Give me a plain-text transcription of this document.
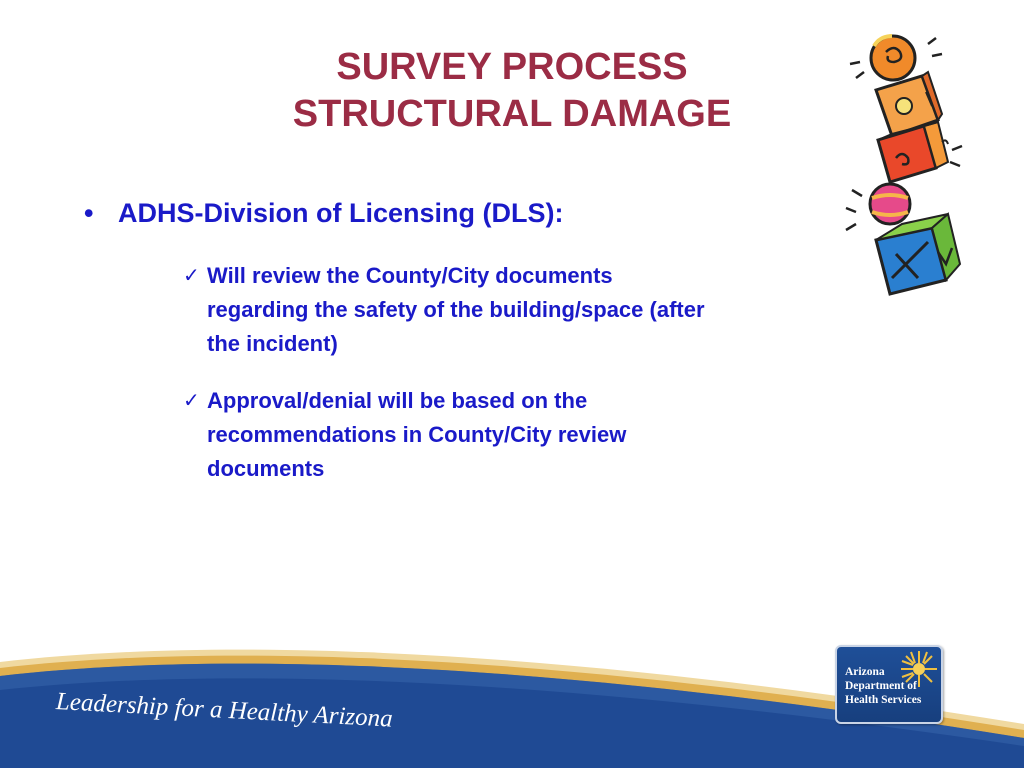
SURVEY PROCESS
STRUCTURAL DAMAGE
• ADHS-Division of Licensing (DLS):
✓ Will review the County/City documents
regarding the safety of the building/space (after
the incident)
✓ Approval/denial will be based on the
recommendations in County/City review
documents
Leadership for a Healthy Arizona
Arizona
Department of
Health Services
